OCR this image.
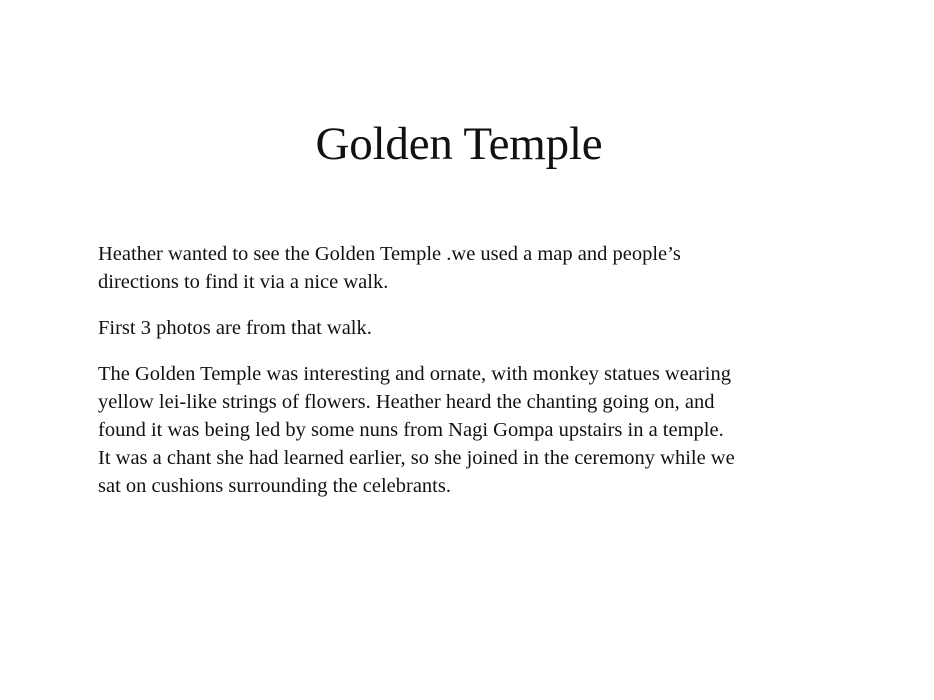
Golden Temple

Heather wanted to see the Golden Temple .we used a map and people’s
directions to find it via a nice walk.

First 3 photos are from that walk.

The Golden Temple was interesting and ornate, with monkey statues wearing
yellow lei-like strings of flowers. Heather heard the chanting going on, and
found it was being led by some nuns from Nagi Gompa upstairs in a temple.
It was a chant she had learned earlier, so she joined in the ceremony while we
sat on cushions surrounding the celebrants.
